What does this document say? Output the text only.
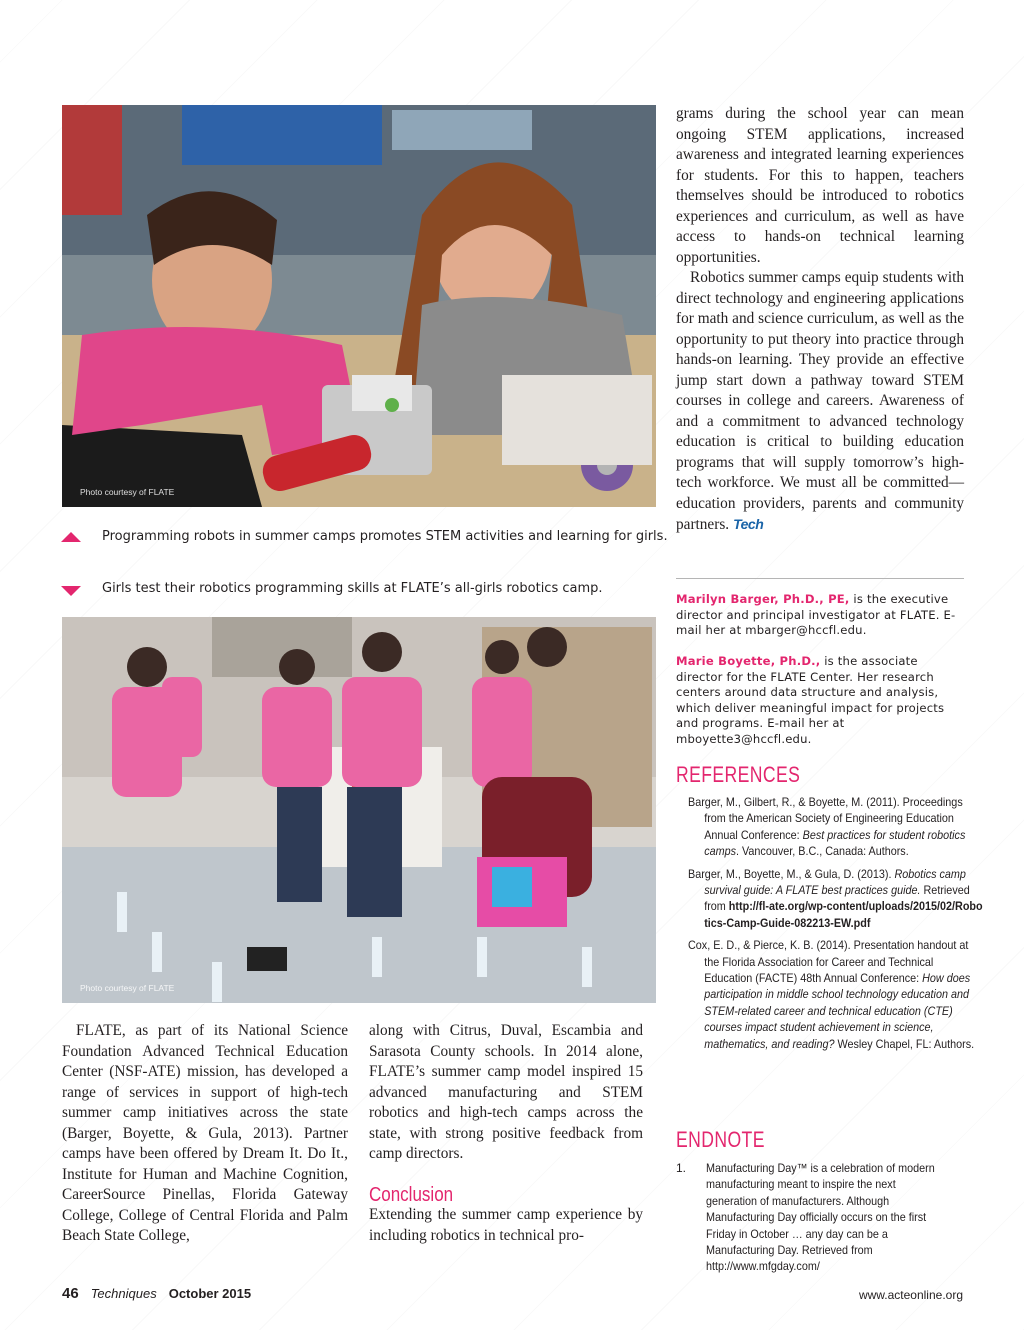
Photo courtesy of FLATE
Programming robots in summer camps promotes STEM activities and learning for girls.
Girls test their robotics programming skills at FLATE’s all-girls robotics camp.
Photo courtesy of FLATE

FLATE, as part of its National Science Foundation Advanced Technical Education Center (NSF-ATE) mission, has developed a range of services in support of high-tech summer camp initiatives across the state (Barger, Boyette, & Gula, 2013). Partner camps have been offered by Dream It. Do It., Institute for Human and Machine Cognition, CareerSource Pinellas, Florida Gateway College, College of Central Florida and Palm Beach State College,

along with Citrus, Duval, Escambia and Sarasota County schools. In 2014 alone, FLATE’s summer camp model inspired 15 advanced manufacturing and STEM robotics and high-tech camps across the state, with strong positive feedback from camp directors.

Conclusion

Extending the summer camp experience by including robotics in technical pro-

grams during the school year can mean ongoing STEM applications, increased awareness and integrated learning experiences for students. For this to happen, teachers themselves should be introduced to robotics experiences and curriculum, as well as have access to hands-on technical learning opportunities.

Robotics summer camps equip students with direct technology and engineering applications for math and science curriculum, as well as the opportunity to put theory into practice through hands-on learning. They provide an effective jump start down a pathway toward STEM courses in college and careers. Awareness of and a commitment to advanced technology education is critical to building education programs that will supply tomorrow’s high-tech workforce. We must all be committed—education providers, parents and community partners. Tech

Marilyn Barger, Ph.D., PE, is the executive director and principal investigator at FLATE. E-mail her at mbarger@hccfl.edu.
Marie Boyette, Ph.D., is the associate director for the FLATE Center. Her research centers around data structure and analysis, which deliver meaningful impact for projects and programs. E-mail her at mboyette3@hccfl.edu.
REFERENCES
Barger, M., Gilbert, R., & Boyette, M. (2011). Proceedings from the American Society of Engineering Education Annual Conference: Best practices for student robotics camps. Vancouver, B.C., Canada: Authors.
Barger, M., Boyette, M., & Gula, D. (2013). Robotics camp survival guide: A FLATE best practices guide. Retrieved from http://fl-ate.org/wp-content/uploads/2015/02/Robotics-Camp-Guide-082213-EW.pdf
Cox, E. D., & Pierce, K. B. (2014). Presentation handout at the Florida Association for Career and Technical Education (FACTE) 48th Annual Conference: How does participation in middle school technology education and STEM-related career and technical education (CTE) courses impact student achievement in science, mathematics, and reading? Wesley Chapel, FL: Authors.
ENDNOTE
1.	Manufacturing Day™ is a celebration of modern manufacturing meant to inspire the next generation of manufacturers. Although Manufacturing Day officially occurs on the first Friday in October … any day can be a Manufacturing Day. Retrieved from http://www.mfgday.com/
46 Techniques October 2015	www.acteonline.org
